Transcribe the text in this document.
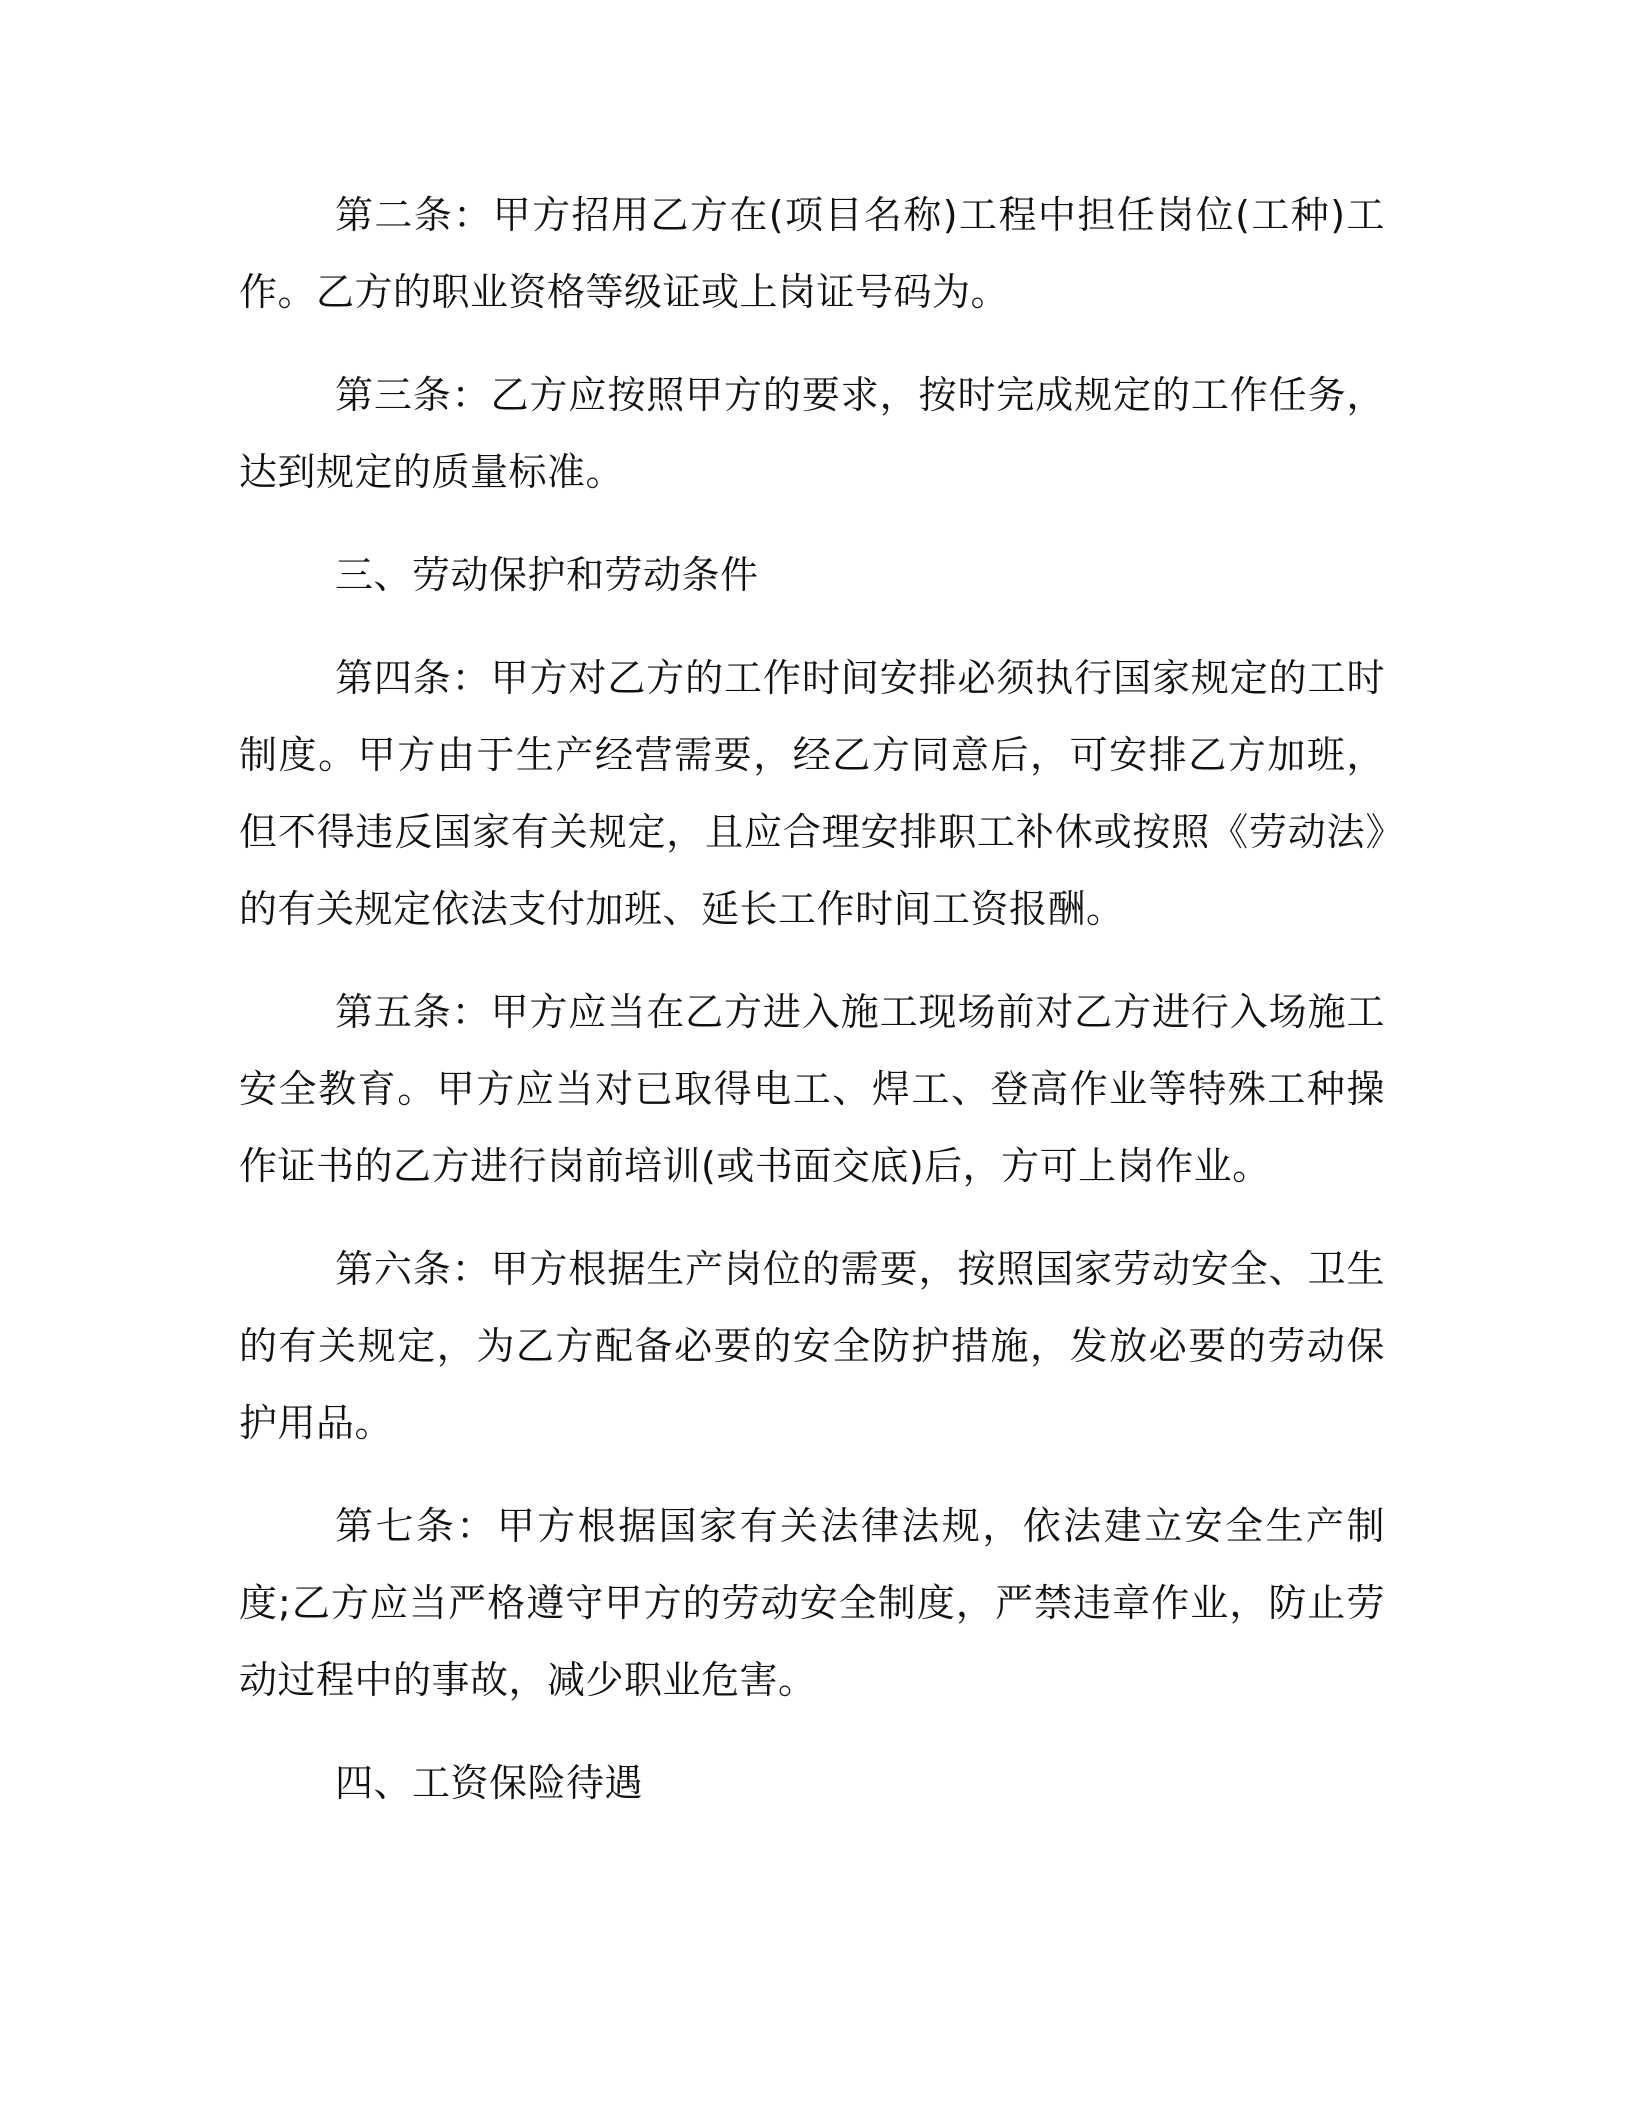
第二条：甲方招用乙方在(项目名称)工程中担任岗位(工种)工作。乙方的职业资格等级证或上岗证号码为。

第三条：乙方应按照甲方的要求，按时完成规定的工作任务，达到规定的质量标准。

三、劳动保护和劳动条件

第四条：甲方对乙方的工作时间安排必须执行国家规定的工时制度。甲方由于生产经营需要，经乙方同意后，可安排乙方加班，但不得违反国家有关规定，且应合理安排职工补休或按照《劳动法》的有关规定依法支付加班、延长工作时间工资报酬。

第五条：甲方应当在乙方进入施工现场前对乙方进行入场施工安全教育。甲方应当对已取得电工、焊工、登高作业等特殊工种操作证书的乙方进行岗前培训(或书面交底)后，方可上岗作业。

第六条：甲方根据生产岗位的需要，按照国家劳动安全、卫生的有关规定，为乙方配备必要的安全防护措施，发放必要的劳动保护用品。

第七条：甲方根据国家有关法律法规，依法建立安全生产制度;乙方应当严格遵守甲方的劳动安全制度，严禁违章作业，防止劳动过程中的事故，减少职业危害。

四、工资保险待遇
